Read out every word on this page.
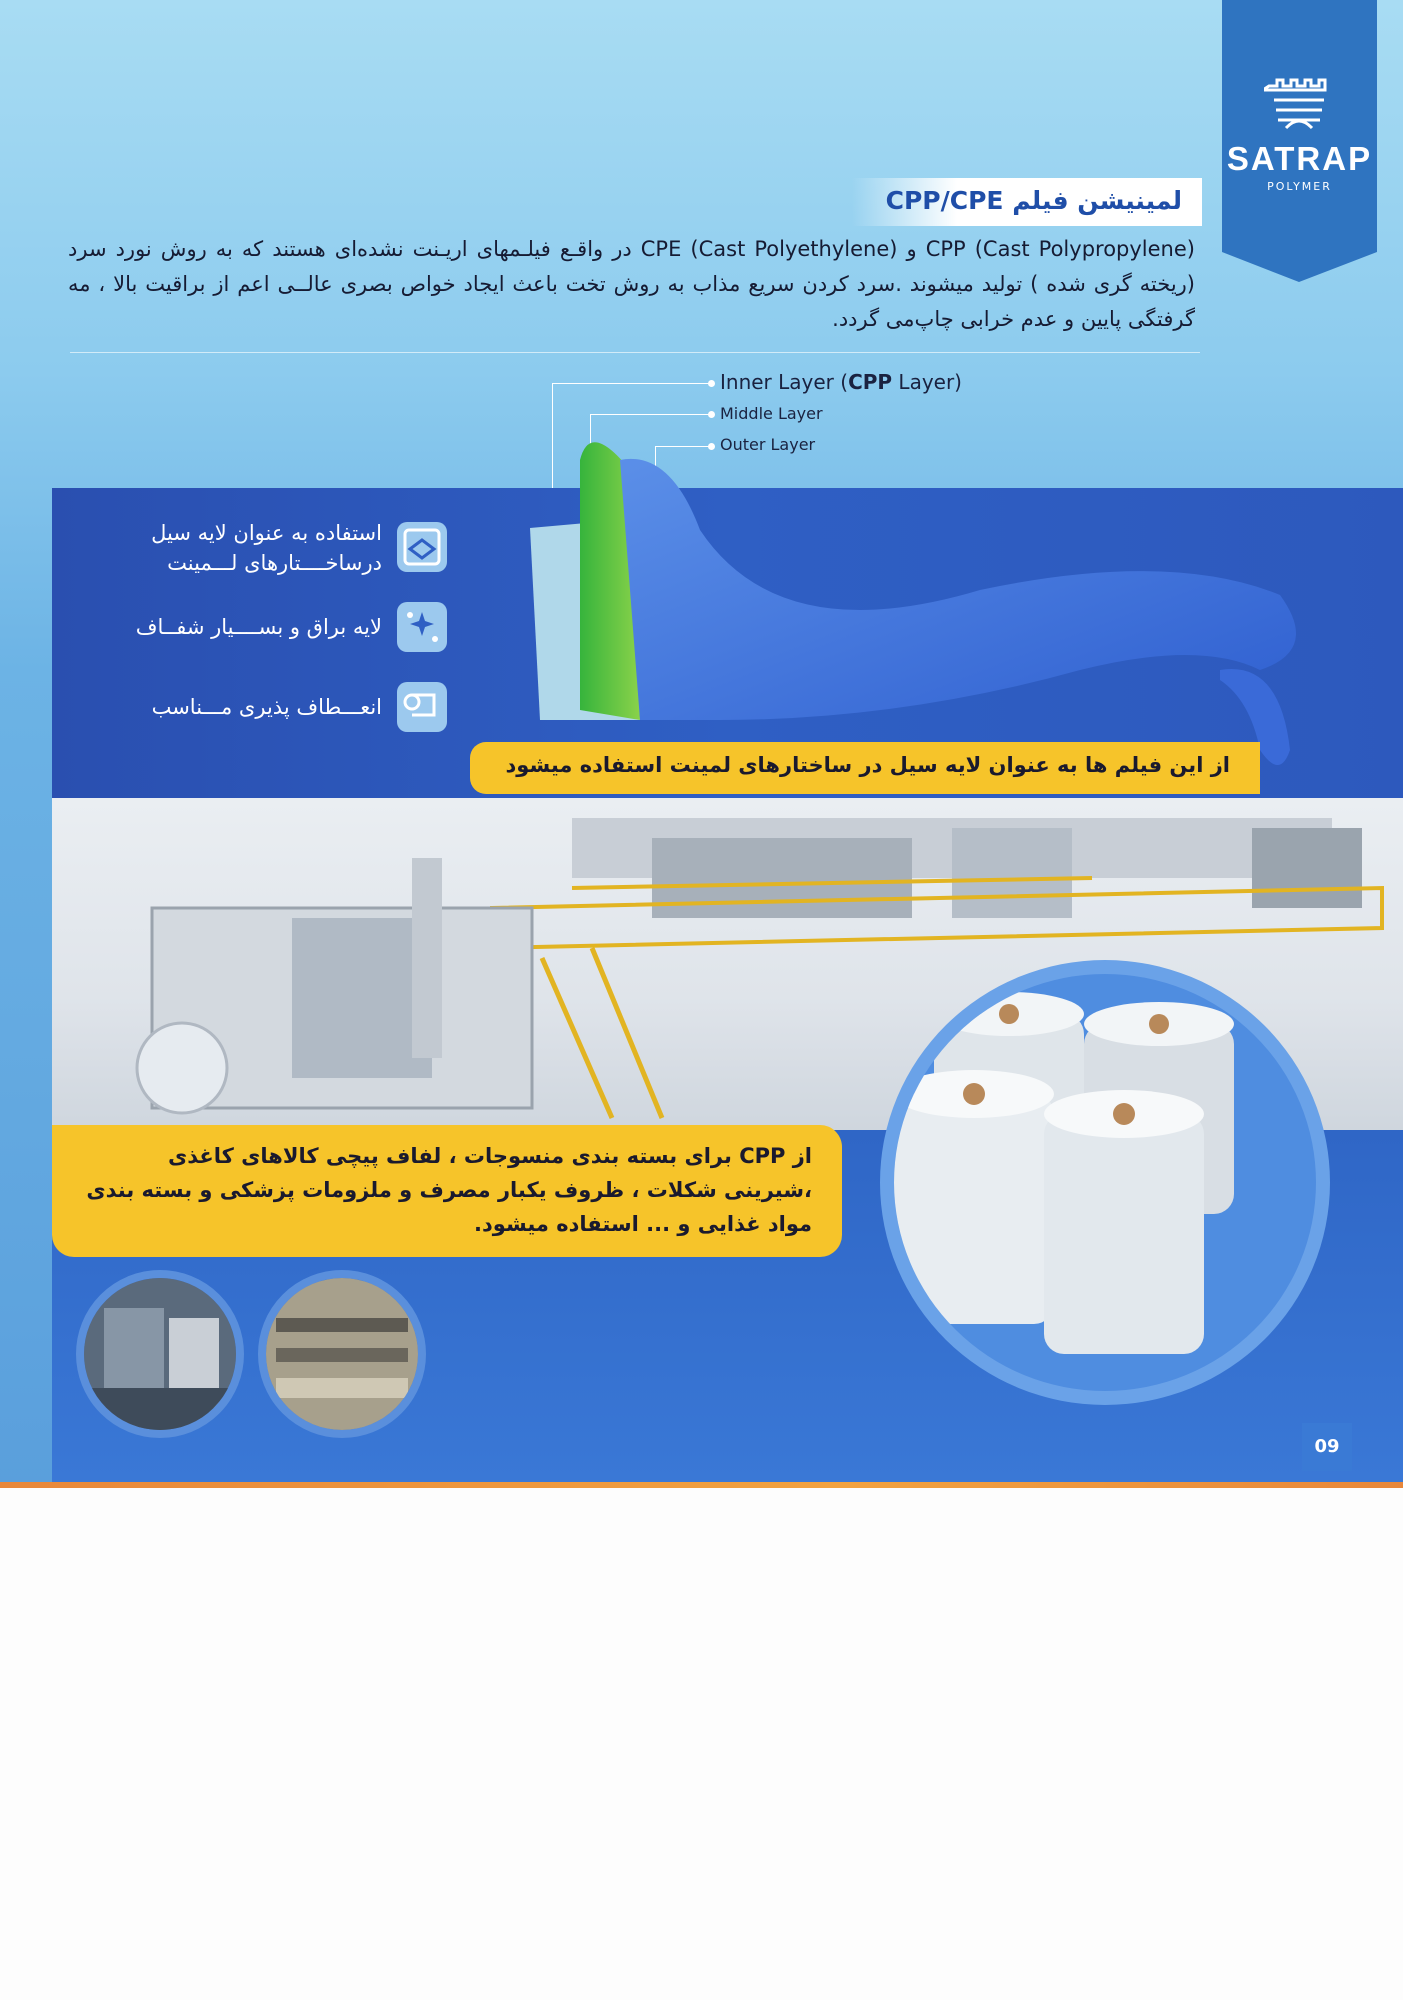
SATRAP
POLYMER
لمینیشن فیلم CPP/CPE
CPP (Cast Polypropylene) و CPE (Cast Polyethylene) در واقـع فیلـمهای اریـنت نشده‌ای هستند که به روش نورد سرد (ریخته گری شده ) تولید میشوند .سرد کردن سریع مذاب به روش تخت باعث ایجاد خواص بصری عالــی اعم از براقیت بالا ، مه گرفتگی پایین و عدم خرابی چاپ‌می گردد.
Inner Layer (CPP Layer)
Middle Layer
Outer Layer
استفاده به عنوان لایه سیل درساخــــتارهای لـــمینت
لایه براق و بســــیار شفــاف
انعـــطاف پذیری مـــناسب
از این فیلم ها به عنوان لایه سیل در ساختارهای لمینت استفاده میشود
از CPP برای بسته بندی منسوجات ، لفاف پیچی کالاهای کاغذی ،شیرینی شکلات ، ظروف یکبار مصرف و ملزومات پزشکی و بسته بندی مواد غذایی و ... استفاده میشود.
09
